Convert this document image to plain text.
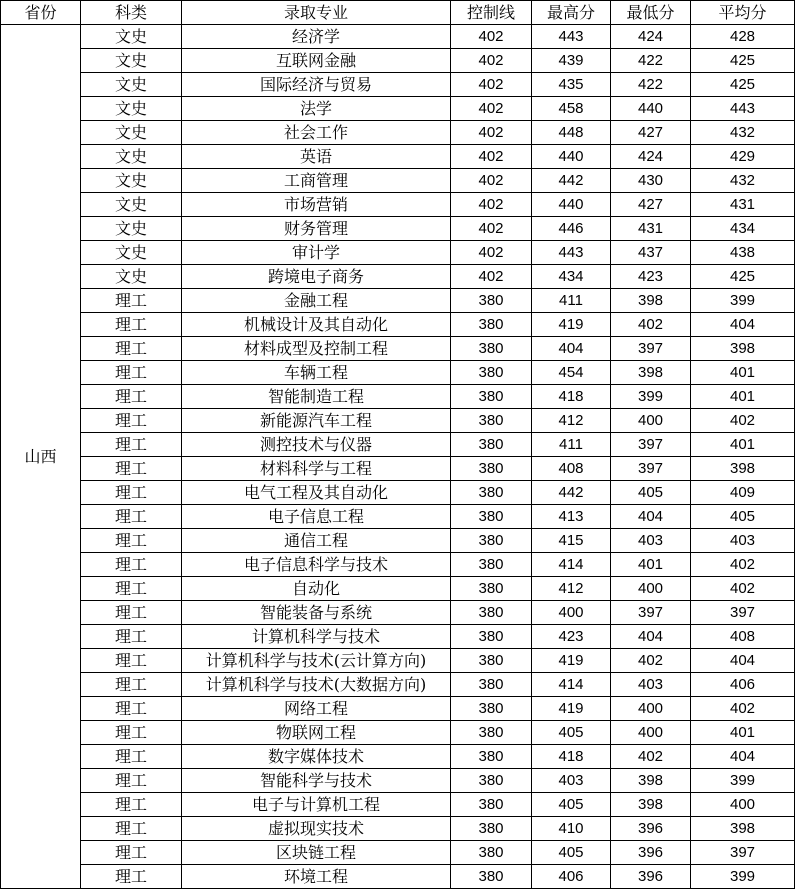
省份	科类	录取专业	控制线	最高分	最低分	平均分
山西	文史	经济学	402	443	424	428
	文史	互联网金融	402	439	422	425
	文史	国际经济与贸易	402	435	422	425
	文史	法学	402	458	440	443
	文史	社会工作	402	448	427	432
	文史	英语	402	440	424	429
	文史	工商管理	402	442	430	432
	文史	市场营销	402	440	427	431
	文史	财务管理	402	446	431	434
	文史	审计学	402	443	437	438
	文史	跨境电子商务	402	434	423	425
	理工	金融工程	380	411	398	399
	理工	机械设计及其自动化	380	419	402	404
	理工	材料成型及控制工程	380	404	397	398
	理工	车辆工程	380	454	398	401
	理工	智能制造工程	380	418	399	401
	理工	新能源汽车工程	380	412	400	402
	理工	测控技术与仪器	380	411	397	401
	理工	材料科学与工程	380	408	397	398
	理工	电气工程及其自动化	380	442	405	409
	理工	电子信息工程	380	413	404	405
	理工	通信工程	380	415	403	403
	理工	电子信息科学与技术	380	414	401	402
	理工	自动化	380	412	400	402
	理工	智能装备与系统	380	400	397	397
	理工	计算机科学与技术	380	423	404	408
	理工	计算机科学与技术(云计算方向)	380	419	402	404
	理工	计算机科学与技术(大数据方向)	380	414	403	406
	理工	网络工程	380	419	400	402
	理工	物联网工程	380	405	400	401
	理工	数字媒体技术	380	418	402	404
	理工	智能科学与技术	380	403	398	399
	理工	电子与计算机工程	380	405	398	400
	理工	虚拟现实技术	380	410	396	398
	理工	区块链工程	380	405	396	397
	理工	环境工程	380	406	396	399
